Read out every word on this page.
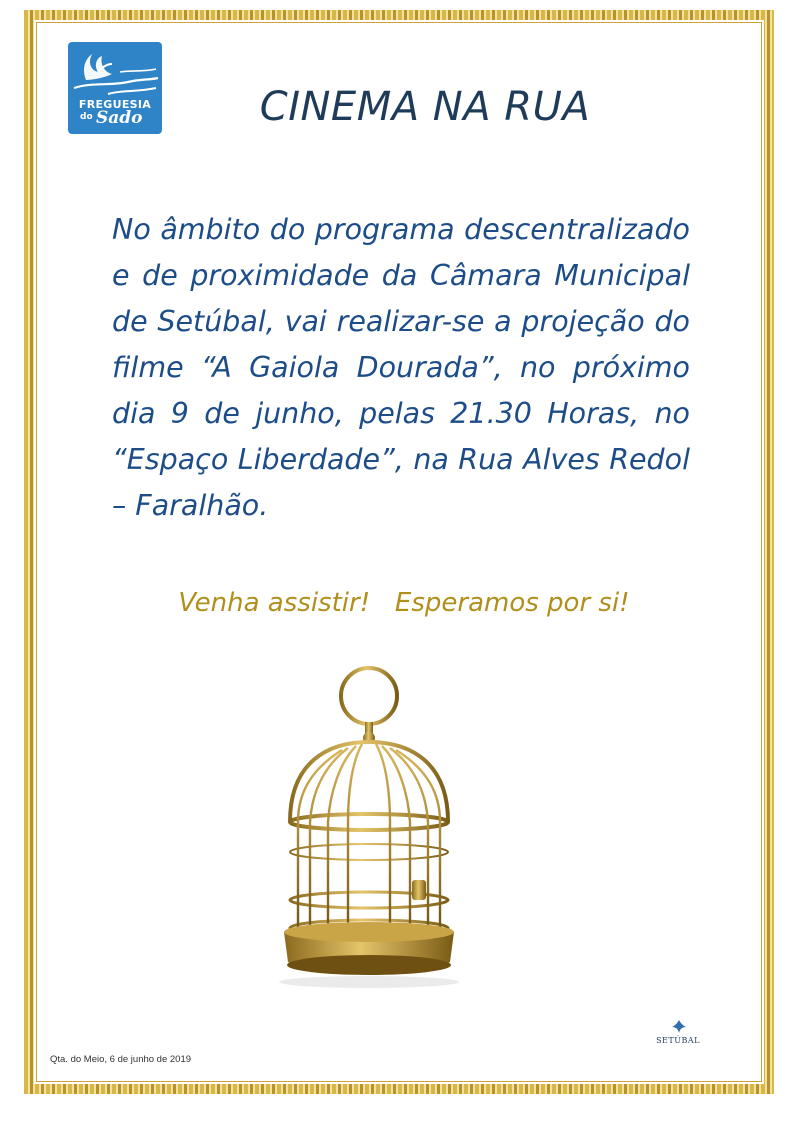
FREGUESIA
do Sado	CINEMA NA RUA
No âmbito do programa descentralizado e de proximidade da Câmara Municipal de Setúbal, vai realizar-se a projeção do filme “A Gaiola Dourada”, no próximo dia 9 de junho, pelas 21.30 Horas, no “Espaço Liberdade”, na Rua Alves Redol – Faralhão.
Venha assistir!   Esperamos por si!
Qta. do Meio, 6 de junho de 2019
SETÚBAL
